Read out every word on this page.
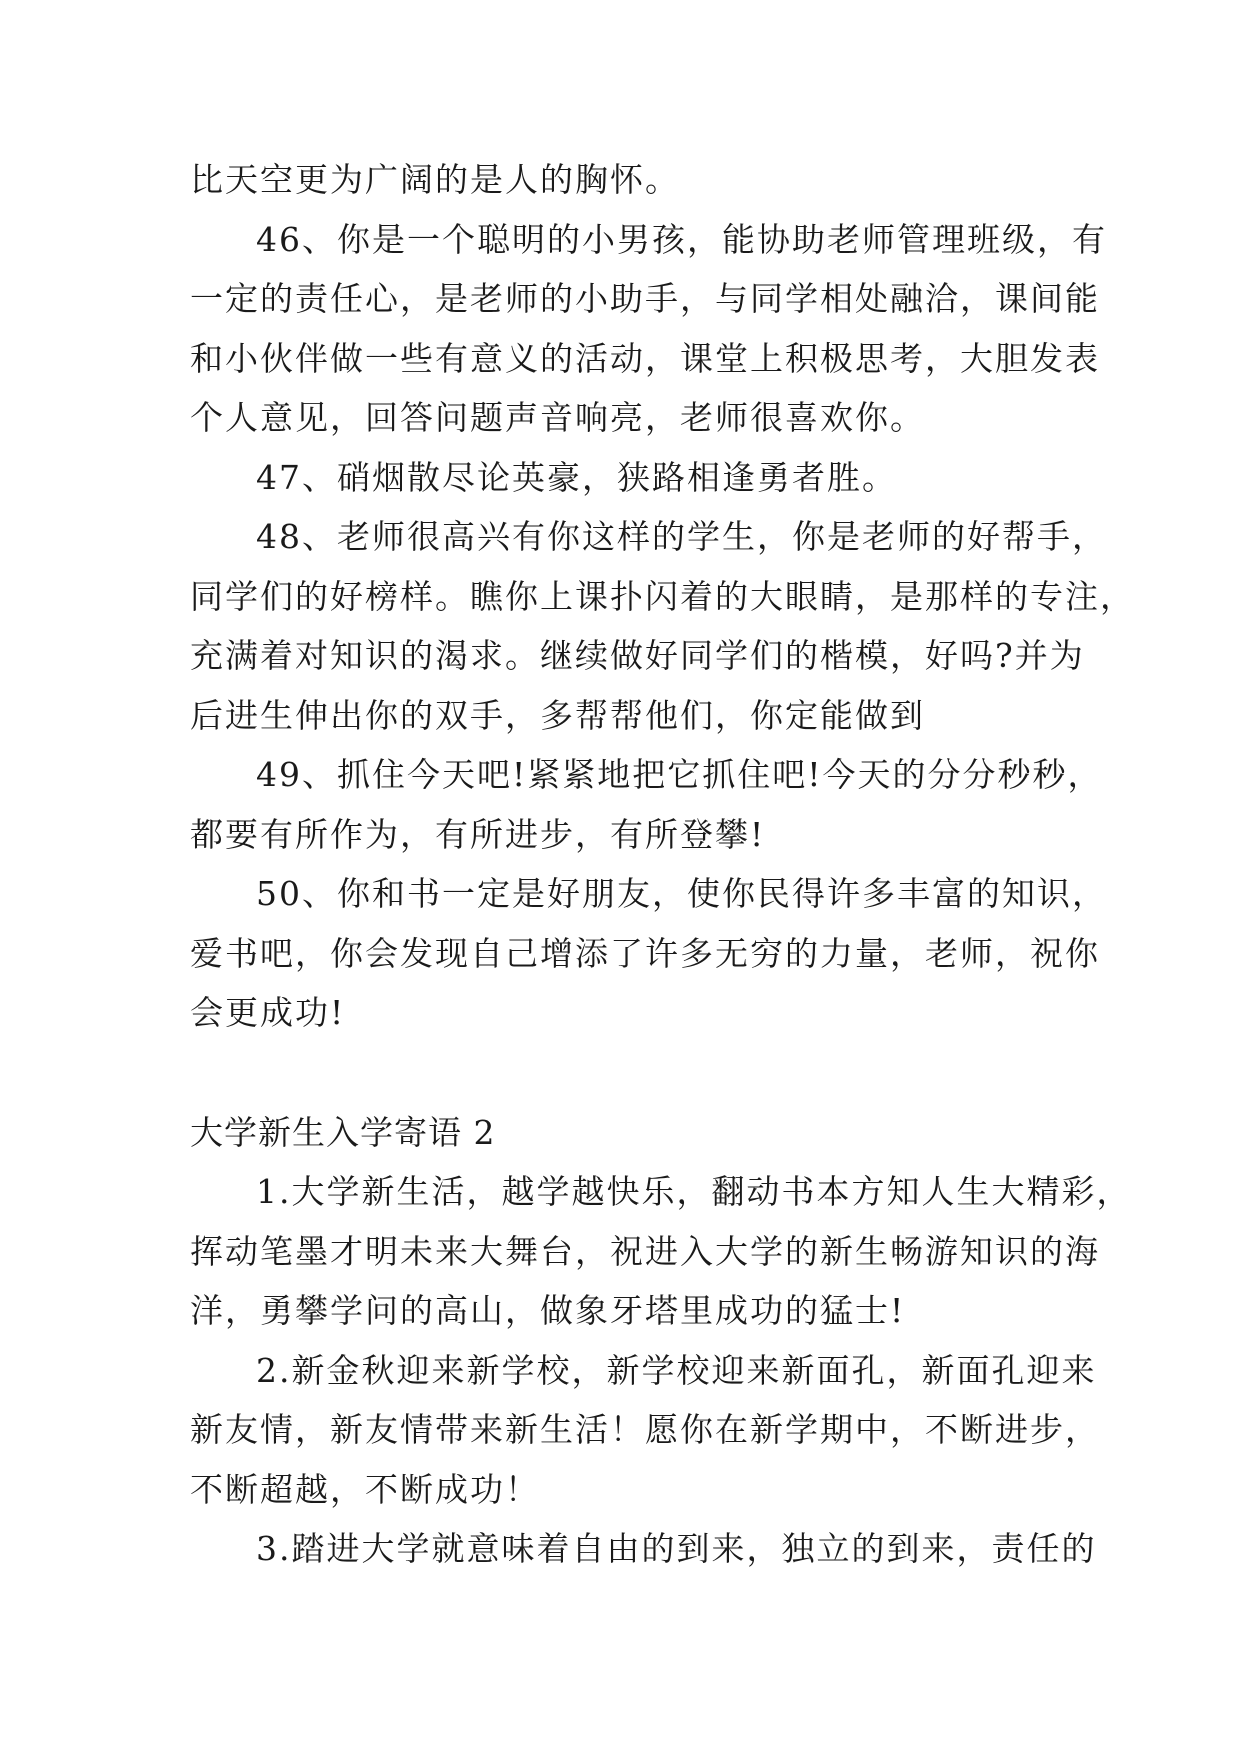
比天空更为广阔的是人的胸怀。
46、你是一个聪明的小男孩，能协助老师管理班级，有
一定的责任心，是老师的小助手，与同学相处融洽，课间能
和小伙伴做一些有意义的活动，课堂上积极思考，大胆发表
个人意见，回答问题声音响亮，老师很喜欢你。
47、硝烟散尽论英豪，狭路相逢勇者胜。
48、老师很高兴有你这样的学生，你是老师的好帮手，
同学们的好榜样。瞧你上课扑闪着的大眼睛，是那样的专注，
充满着对知识的渴求。继续做好同学们的楷模，好吗?并为
后进生伸出你的双手，多帮帮他们，你定能做到
49、抓住今天吧!紧紧地把它抓住吧!今天的分分秒秒，
都要有所作为，有所进步，有所登攀!
50、你和书一定是好朋友，使你民得许多丰富的知识，
爱书吧，你会发现自己增添了许多无穷的力量，老师，祝你
会更成功!
大学新生入学寄语 2
1.大学新生活，越学越快乐，翻动书本方知人生大精彩，
挥动笔墨才明未来大舞台，祝进入大学的新生畅游知识的海
洋，勇攀学问的高山，做象牙塔里成功的猛士!
2.新金秋迎来新学校，新学校迎来新面孔，新面孔迎来
新友情，新友情带来新生活！愿你在新学期中，不断进步，
不断超越，不断成功！
3.踏进大学就意味着自由的到来，独立的到来，责任的
